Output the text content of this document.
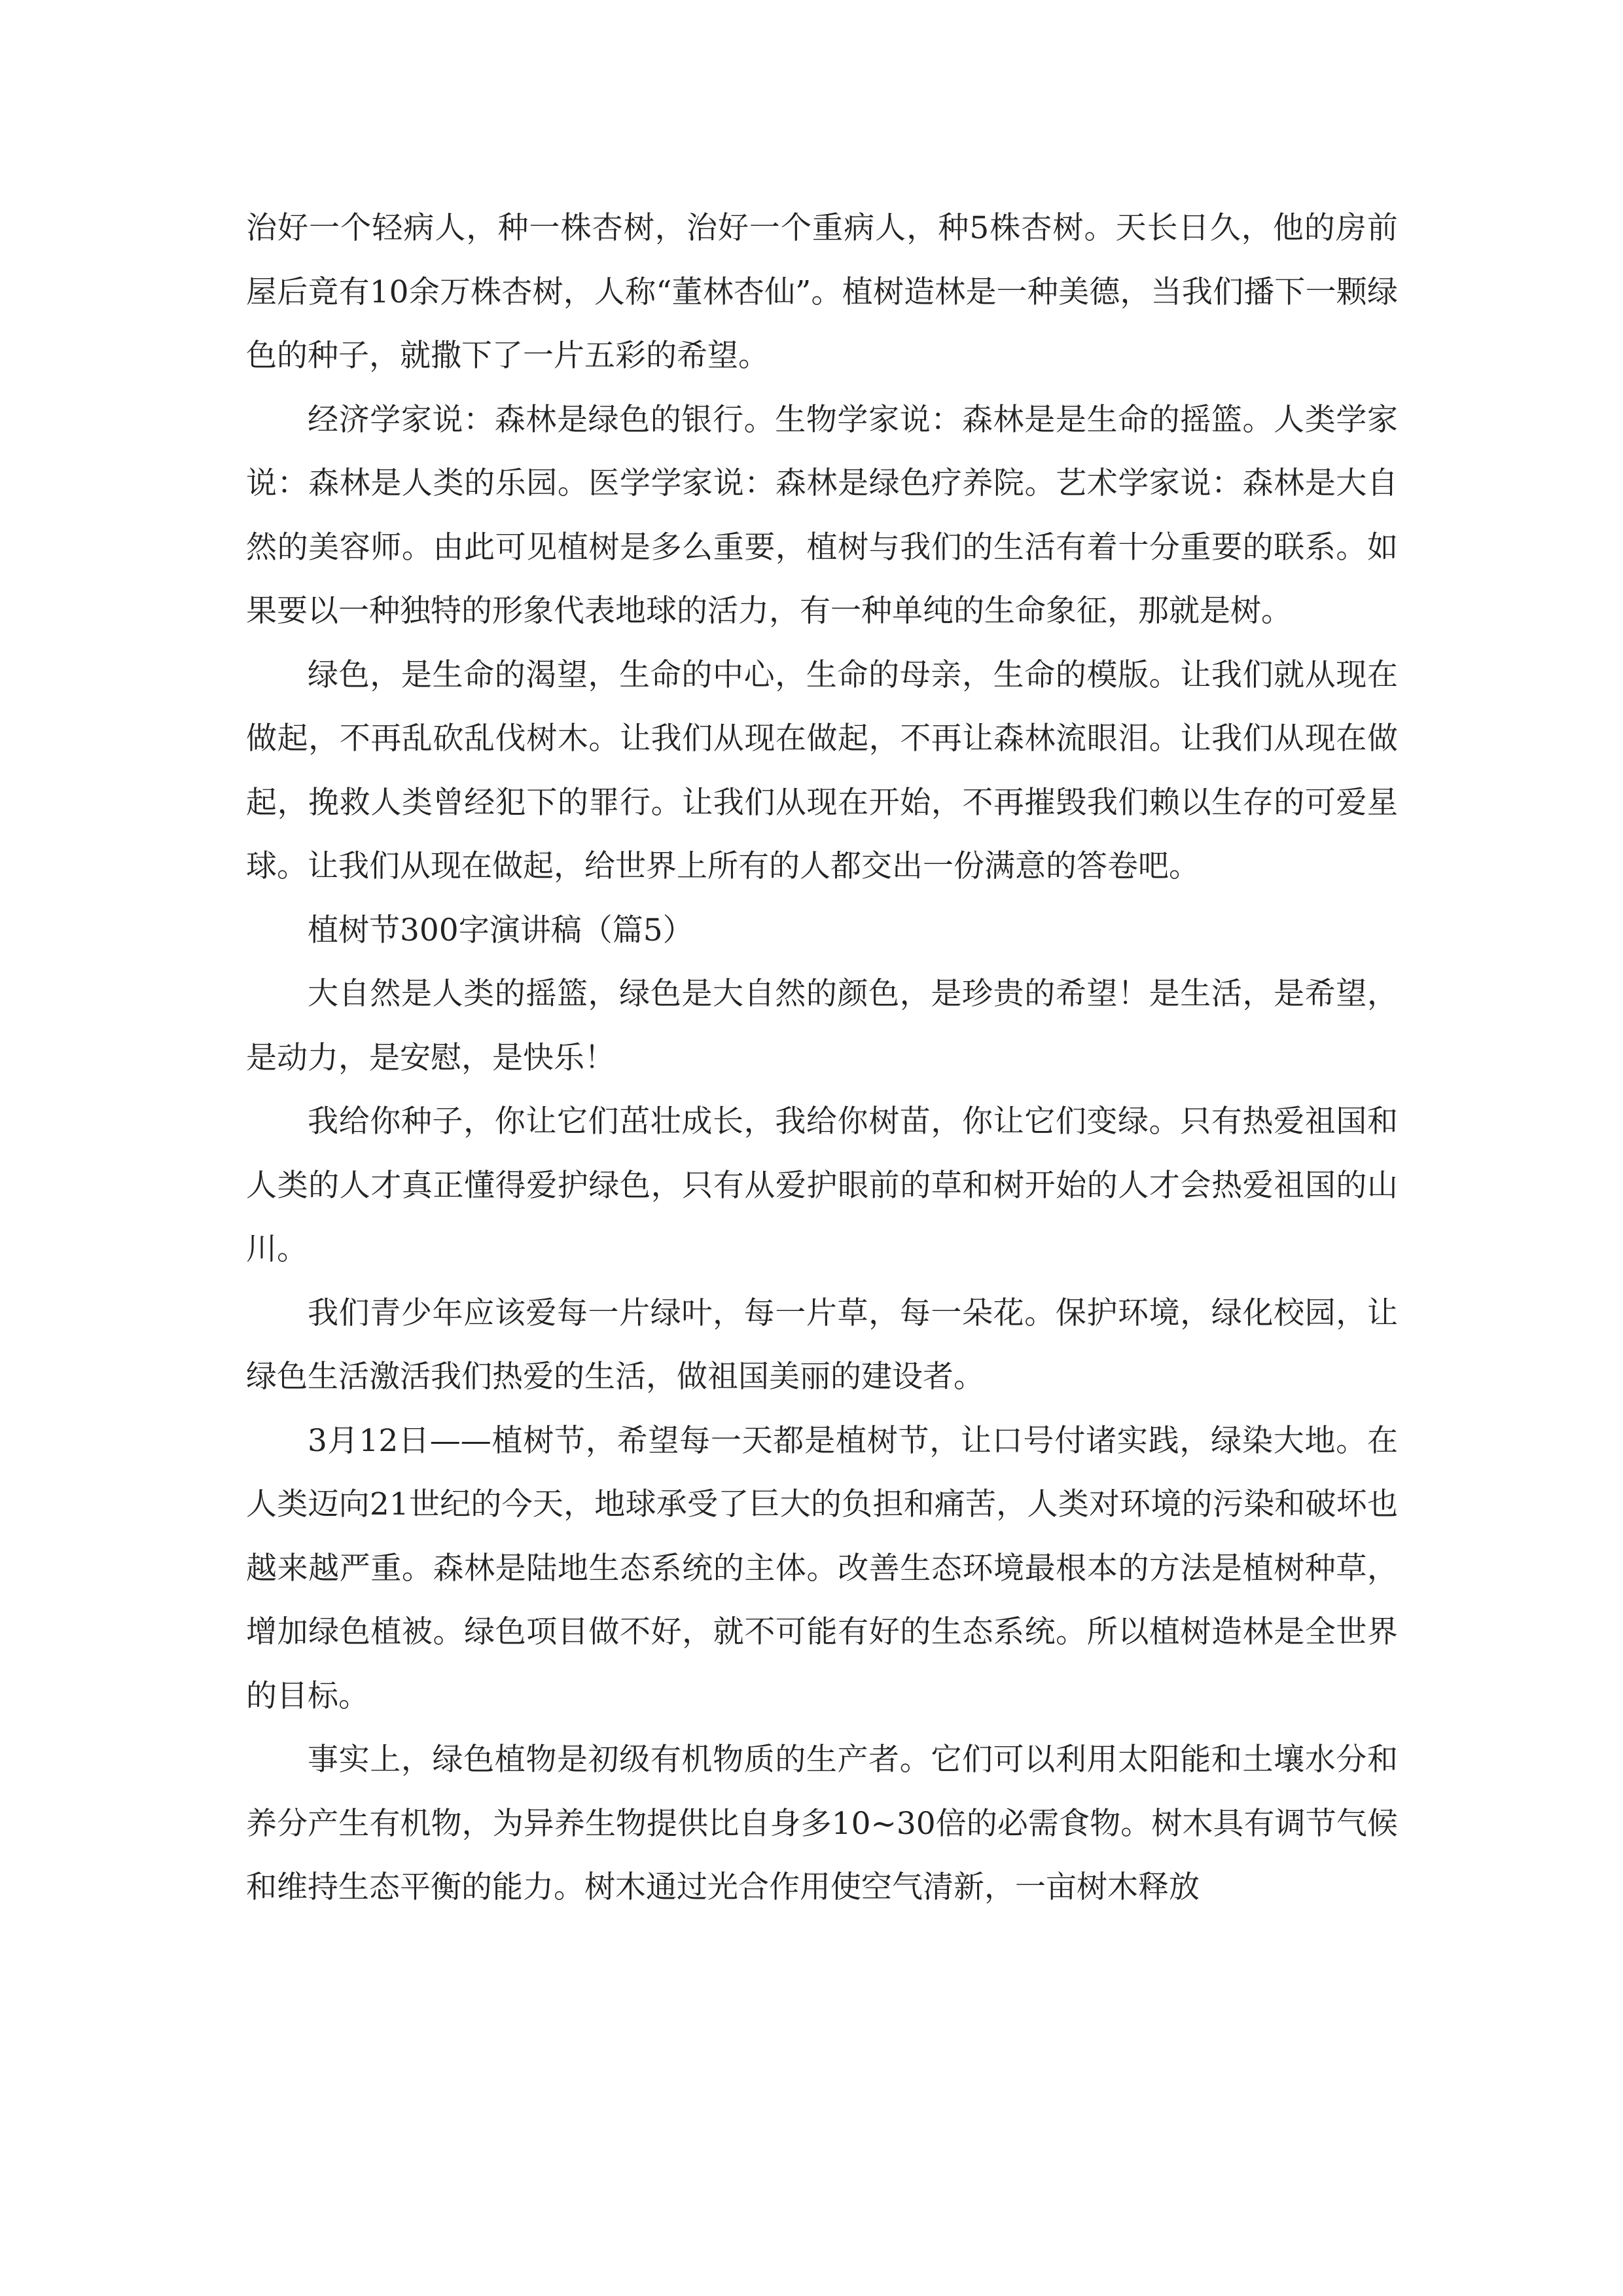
治好一个轻病人，种一株杏树，治好一个重病人，种5株杏树。天长日久，他的房前屋后竟有10余万株杏树，人称“董林杏仙”。植树造林是一种美德，当我们播下一颗绿色的种子，就撒下了一片五彩的希望。

经济学家说：森林是绿色的银行。生物学家说：森林是是生命的摇篮。人类学家说：森林是人类的乐园。医学学家说：森林是绿色疗养院。艺术学家说：森林是大自然的美容师。由此可见植树是多么重要，植树与我们的生活有着十分重要的联系。如果要以一种独特的形象代表地球的活力，有一种单纯的生命象征，那就是树。

绿色，是生命的渴望，生命的中心，生命的母亲，生命的模版。让我们就从现在做起，不再乱砍乱伐树木。让我们从现在做起，不再让森林流眼泪。让我们从现在做起，挽救人类曾经犯下的罪行。让我们从现在开始，不再摧毁我们赖以生存的可爱星球。让我们从现在做起，给世界上所有的人都交出一份满意的答卷吧。

植树节300字演讲稿（篇5）

大自然是人类的摇篮，绿色是大自然的颜色，是珍贵的希望！是生活，是希望，是动力，是安慰，是快乐！

我给你种子，你让它们茁壮成长，我给你树苗，你让它们变绿。只有热爱祖国和人类的人才真正懂得爱护绿色，只有从爱护眼前的草和树开始的人才会热爱祖国的山川。

我们青少年应该爱每一片绿叶，每一片草，每一朵花。保护环境，绿化校园，让绿色生活激活我们热爱的生活，做祖国美丽的建设者。

3月12日——植树节，希望每一天都是植树节，让口号付诸实践，绿染大地。在人类迈向21世纪的今天，地球承受了巨大的负担和痛苦，人类对环境的污染和破坏也越来越严重。森林是陆地生态系统的主体。改善生态环境最根本的方法是植树种草，增加绿色植被。绿色项目做不好，就不可能有好的生态系统。所以植树造林是全世界的目标。

事实上，绿色植物是初级有机物质的生产者。它们可以利用太阳能和土壤水分和养分产生有机物，为异养生物提供比自身多10~30倍的必需食物。树木具有调节气候和维持生态平衡的能力。树木通过光合作用使空气清新，一亩树木释放
